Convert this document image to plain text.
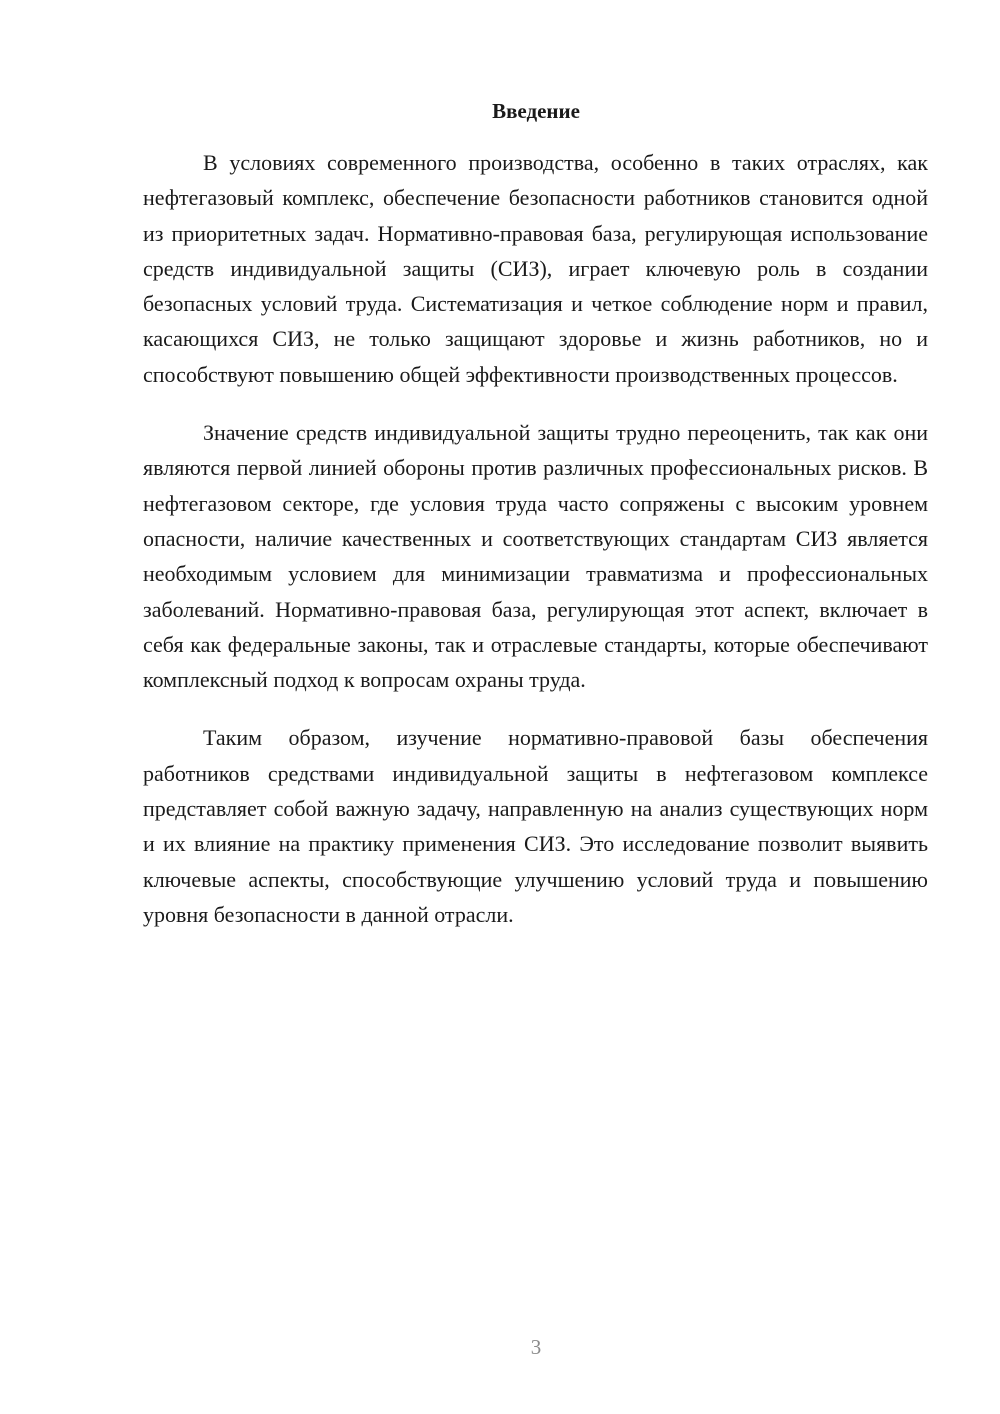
Введение

В условиях современного производства, особенно в таких отраслях, как нефтегазовый комплекс, обеспечение безопасности работников становится одной из приоритетных задач. Нормативно-правовая база, регулирующая использование средств индивидуальной защиты (СИЗ), играет ключевую роль в создании безопасных условий труда. Систематизация и четкое соблюдение норм и правил, касающихся СИЗ, не только защищают здоровье и жизнь работников, но и способствуют повышению общей эффективности производственных процессов.

Значение средств индивидуальной защиты трудно переоценить, так как они являются первой линией обороны против различных профессиональных рисков. В нефтегазовом секторе, где условия труда часто сопряжены с высоким уровнем опасности, наличие качественных и соответствующих стандартам СИЗ является необходимым условием для минимизации травматизма и профессиональных заболеваний. Нормативно-правовая база, регулирующая этот аспект, включает в себя как федеральные законы, так и отраслевые стандарты, которые обеспечивают комплексный подход к вопросам охраны труда.

Таким образом, изучение нормативно-правовой базы обеспечения работников средствами индивидуальной защиты в нефтегазовом комплексе представляет собой важную задачу, направленную на анализ существующих норм и их влияние на практику применения СИЗ. Это исследование позволит выявить ключевые аспекты, способствующие улучшению условий труда и повышению уровня безопасности в данной отрасли.

3
